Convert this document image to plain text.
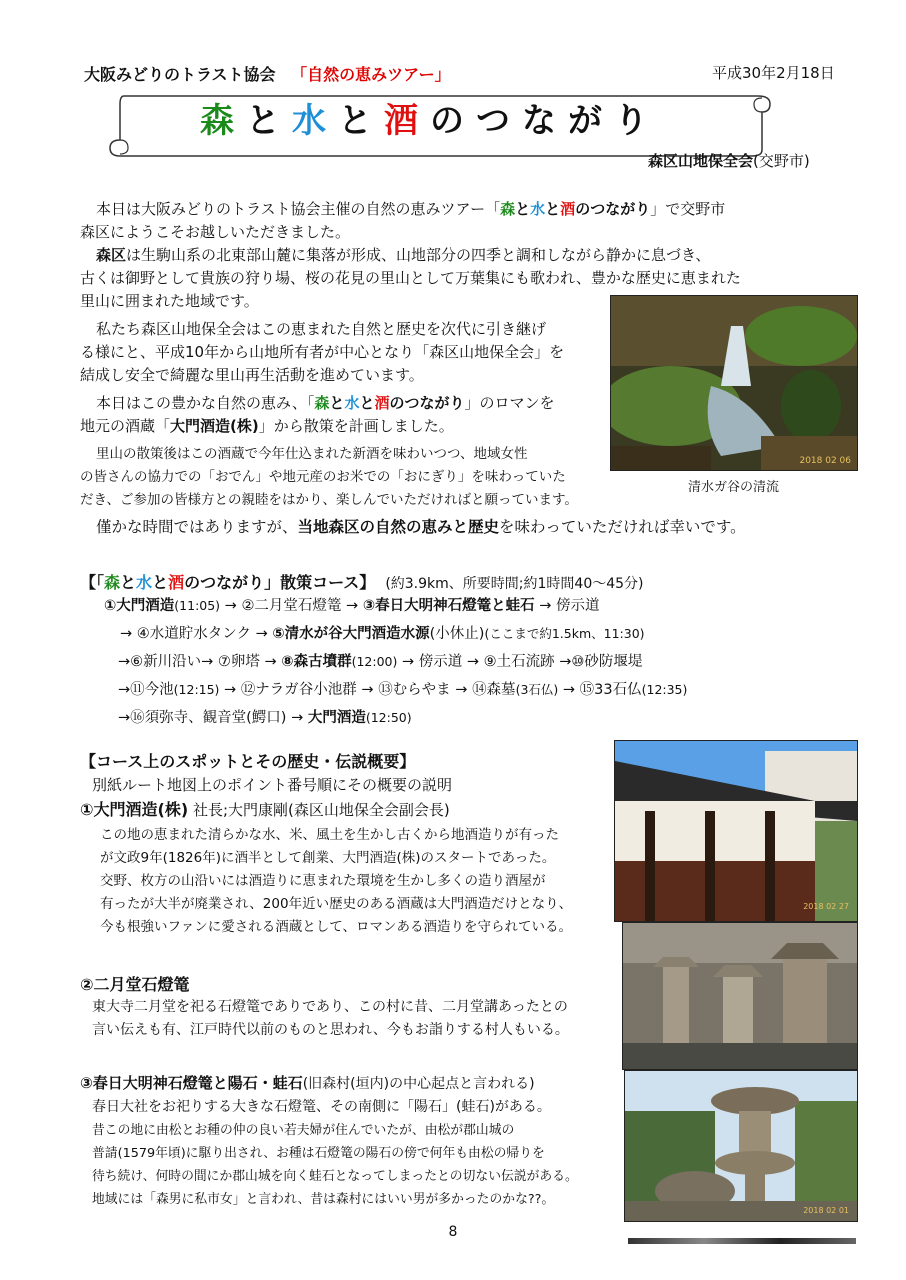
大阪みどりのトラスト協会 「自然の恵みツアー」	平成30年2月18日
森と水と酒のつながり
森区山地保全会(交野市)
本日は大阪みどりのトラスト協会主催の自然の恵みツアー「森と水と酒のつながり」で交野市
森区にようこそお越しいただきました。
森区は生駒山系の北東部山麓に集落が形成、山地部分の四季と調和しながら静かに息づき、
古くは御野として貴族の狩り場、桜の花見の里山として万葉集にも歌われ、豊かな歴史に恵まれた
里山に囲まれた地域です。
私たち森区山地保全会はこの恵まれた自然と歴史を次代に引き継げ
る様にと、平成10年から山地所有者が中心となり「森区山地保全会」を
結成し安全で綺麗な里山再生活動を進めています。
本日はこの豊かな自然の恵み、「森と水と酒のつながり」のロマンを
地元の酒蔵「大門酒造(株)」から散策を計画しました。
里山の散策後はこの酒蔵で今年仕込まれた新酒を味わいつつ、地域女性
の皆さんの協力での「おでん」や地元産のお米での「おにぎり」を味わっていた
だき、ご参加の皆様方との親睦をはかり、楽しんでいただければと願っています。
僅かな時間ではありますが、当地森区の自然の恵みと歴史を味わっていただければ幸いです。
2018 02 06
清水ガ谷の清流
【「森と水と酒のつながり」散策コース】 (約3.9km、所要時間;約1時間40～45分)
①大門酒造(11:05) → ②二月堂石燈篭 → ③春日大明神石燈篭と蛙石 → 傍示道
→ ④水道貯水タンク → ⑤清水が谷大門酒造水源(小休止)(ここまで約1.5km、11:30)
→⑥新川沿い→ ⑦卵塔 → ⑧森古墳群(12:00) → 傍示道 → ⑨土石流跡 →⑩砂防堰堤
→⑪今池(12:15) → ⑫ナラガ谷小池群 → ⑬むらやま → ⑭森墓(3石仏) → ⑮33石仏(12:35)
→⑯須弥寺、観音堂(鰐口) → 大門酒造(12:50)
【コース上のスポットとその歴史・伝説概要】
別紙ルート地図上のポイント番号順にその概要の説明
①大門酒造(株) 社長;大門康剛(森区山地保全会副会長)
この地の恵まれた清らかな水、米、風土を生かし古くから地酒造りが有った
が文政9年(1826年)に酒半として創業、大門酒造(株)のスタートであった。
交野、枚方の山沿いには酒造りに恵まれた環境を生かし多くの造り酒屋が
有ったが大半が廃業され、200年近い歴史のある酒蔵は大門酒造だけとなり、
今も根強いファンに愛される酒蔵として、ロマンある酒造りを守られている。
②二月堂石燈篭
東大寺二月堂を祀る石燈篭でありであり、この村に昔、二月堂講あったとの
言い伝えも有、江戸時代以前のものと思われ、今もお詣りする村人もいる。
③春日大明神石燈篭と陽石・蛙石(旧森村(垣内)の中心起点と言われる)
春日大社をお祀りする大きな石燈篭、その南側に「陽石」(蛙石)がある。
昔この地に由松とお種の仲の良い若夫婦が住んでいたが、由松が郡山城の
普請(1579年頃)に駆り出され、お種は石燈篭の陽石の傍で何年も由松の帰りを
待ち続け、何時の間にか郡山城を向く蛙石となってしまったとの切ない伝説がある。
地域には「森男に私市女」と言われ、昔は森村にはいい男が多かったのかな??。
2018 02 27
2018 02 01
8
